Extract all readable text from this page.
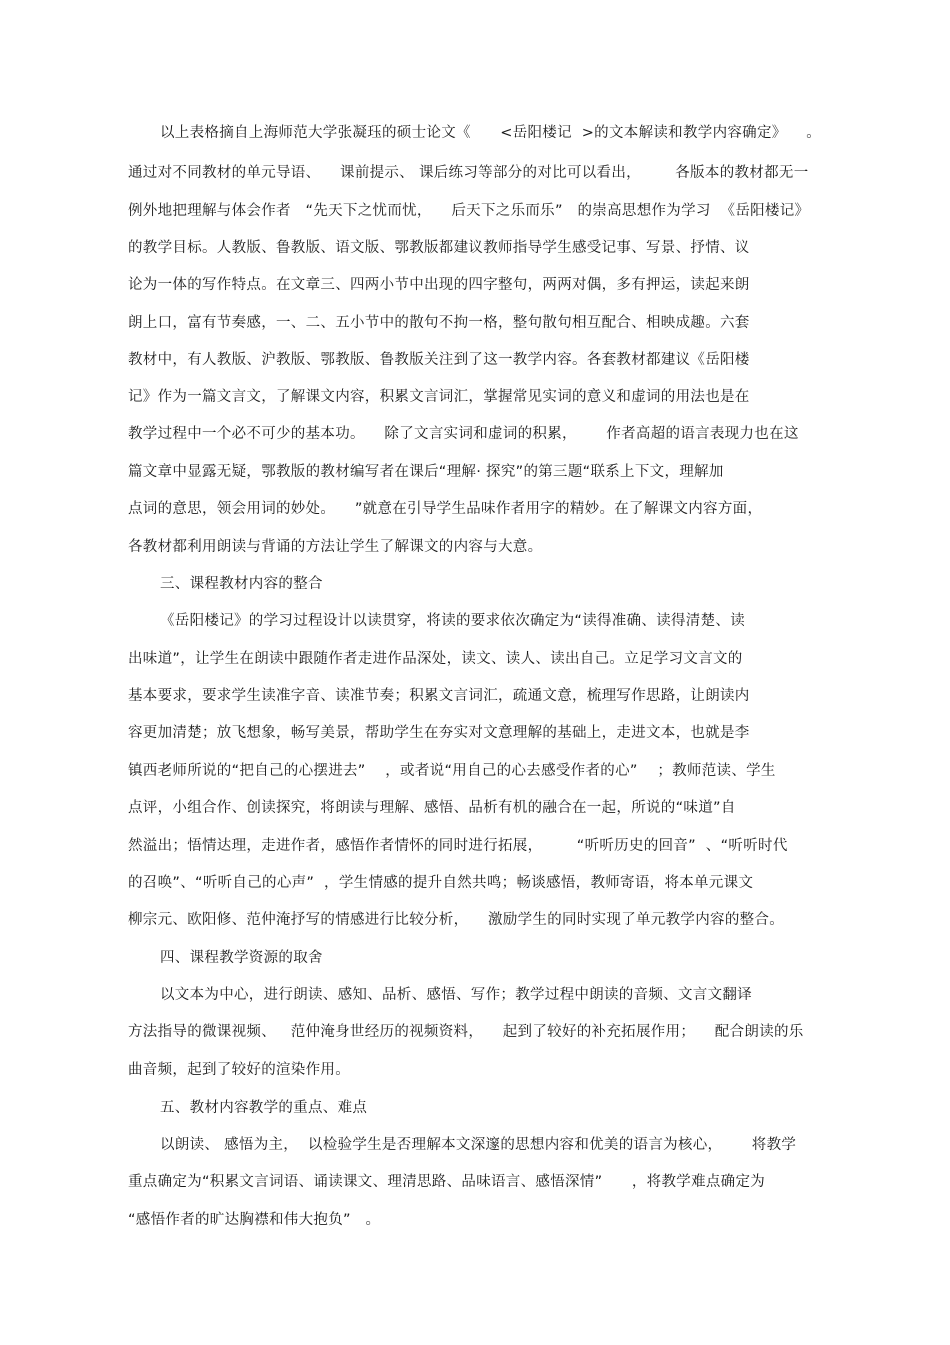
以上表格摘自上海师范大学张凝珏的硕士论文《      <岳阳楼记  >的文本解读和教学内容确定》    。
通过对不同教材的单元导语、    课前提示、 课后练习等部分的对比可以看出，       各版本的教材都无一
例外地把理解与体会作者   “先天下之忧而忧，    后天下之乐而乐”   的崇高思想作为学习  《岳阳楼记》
的教学目标。人教版、鲁教版、语文版、鄂教版都建议教师指导学生感受记事、写景、抒情、议
论为一体的写作特点。在文章三、四两小节中出现的四字整句，两两对偶，多有押运，读起来朗
朗上口，富有节奏感，一、二、五小节中的散句不拘一格，整句散句相互配合、相映成趣。六套
教材中，有人教版、沪教版、鄂教版、鲁教版关注到了这一教学内容。各套教材都建议《岳阳楼
记》作为一篇文言文，了解课文内容，积累文言词汇，掌握常见实词的意义和虚词的用法也是在
教学过程中一个必不可少的基本功。    除了文言实词和虚词的积累，      作者高超的语言表现力也在这
篇文章中显露无疑，鄂教版的教材编写者在课后“理解· 探究”的第三题“联系上下文，理解加
点词的意思，领会用词的妙处。    ”就意在引导学生品味作者用字的精妙。在了解课文内容方面，
各教材都利用朗读与背诵的方法让学生了解课文的内容与大意。
三、课程教材内容的整合
《岳阳楼记》的学习过程设计以读贯穿，将读的要求依次确定为“读得准确、读得清楚、读
出味道”，让学生在朗读中跟随作者走进作品深处，读文、读人、读出自己。立足学习文言文的
基本要求，要求学生读准字音、读准节奏；积累文言词汇，疏通文意，梳理写作思路，让朗读内
容更加清楚；放飞想象，畅写美景，帮助学生在夯实对文意理解的基础上，走进文本，也就是李
镇西老师所说的“把自己的心摆进去”    ，或者说“用自己的心去感受作者的心”    ；教师范读、学生
点评，小组合作、创读探究，将朗读与理解、感悟、品析有机的融合在一起，所说的“味道”自
然溢出；悟情达理，走进作者，感悟作者情怀的同时进行拓展，       “听听历史的回音”  、“听听时代
的召唤”、“听听自己的心声”  ，学生情感的提升自然共鸣；畅谈感悟，教师寄语，将本单元课文
柳宗元、欧阳修、范仲淹抒写的情感进行比较分析，    激励学生的同时实现了单元教学内容的整合。
四、课程教学资源的取舍
以文本为中心，进行朗读、感知、品析、感悟、写作；教学过程中朗读的音频、文言文翻译
方法指导的微课视频、   范仲淹身世经历的视频资料，    起到了较好的补充拓展作用；    配合朗读的乐
曲音频，起到了较好的渲染作用。
五、教材内容教学的重点、难点
以朗读、 感悟为主，  以检验学生是否理解本文深邃的思想内容和优美的语言为核心，      将教学
重点确定为“积累文言词语、诵读课文、理清思路、品味语言、感悟深情”      ，将教学难点确定为
“感悟作者的旷达胸襟和伟大抱负”   。
